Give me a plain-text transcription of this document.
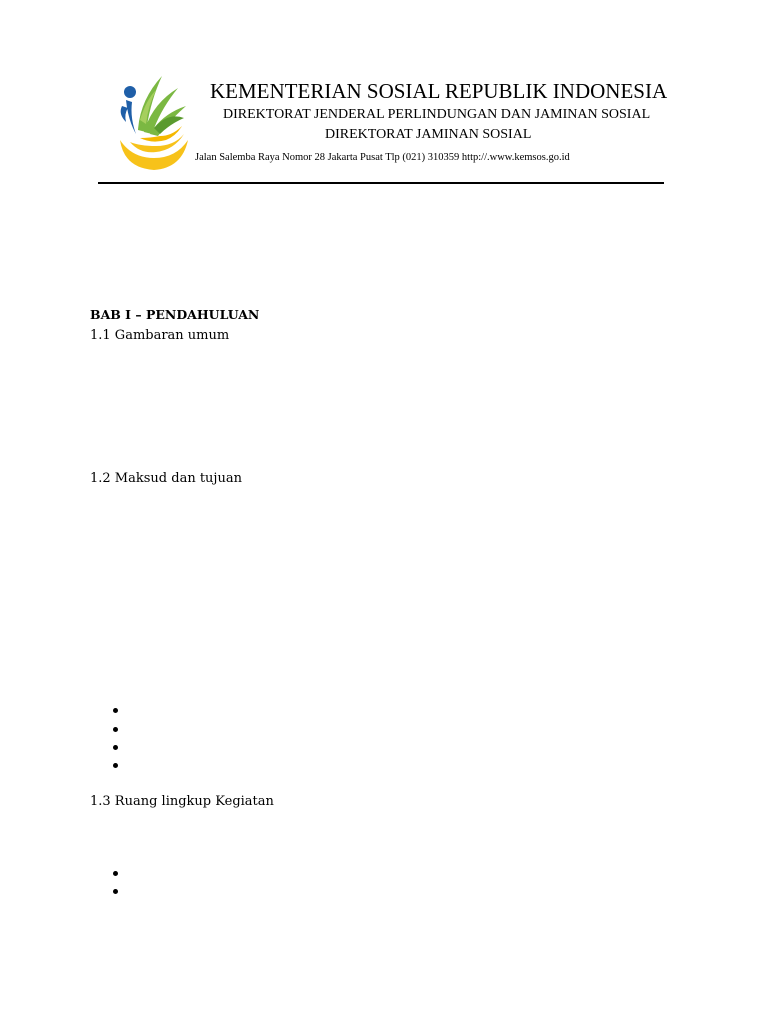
KEMENTERIAN SOSIAL REPUBLIK INDONESIA
DIREKTORAT JENDERAL PERLINDUNGAN DAN JAMINAN SOSIAL
DIREKTORAT JAMINAN SOSIAL
Jalan Salemba Raya Nomor 28 Jakarta Pusat Tlp (021) 310359 http://.www.kemsos.go.id
BAB I – PENDAHULUAN
1.1 Gambaran umum
1.2 Maksud dan tujuan
1.3 Ruang lingkup Kegiatan
